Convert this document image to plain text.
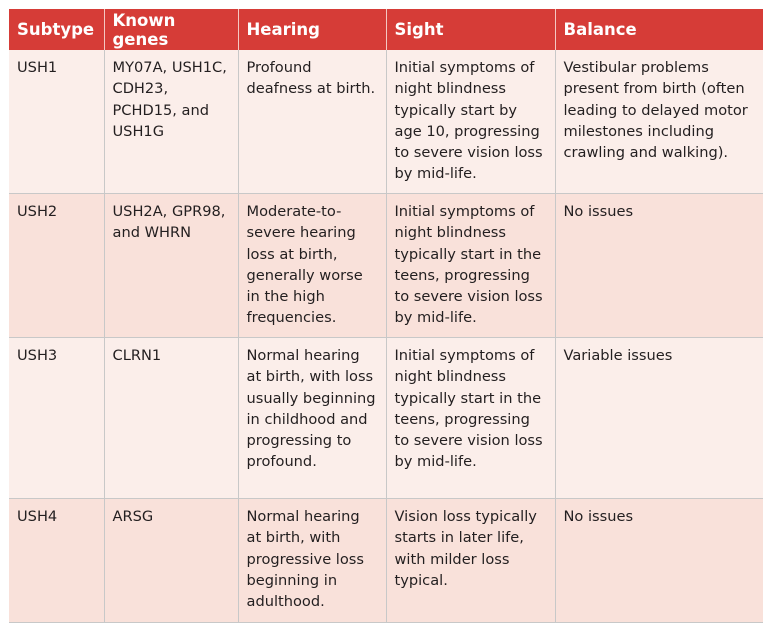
Subtype	Known genes	Hearing	Sight	Balance
USH1	MY07A, USH1C, CDH23, PCHD15, and USH1G	Profound deafness at birth.	Initial symptoms of night blindness typically start by age 10, progressing to severe vision loss by mid-life.	Vestibular problems present from birth (often leading to delayed motor milestones including crawling and walking).
USH2	USH2A, GPR98, and WHRN	Moderate-to-severe hearing loss at birth, generally worse in the high frequencies.	Initial symptoms of night blindness typically start in the teens, progressing to severe vision loss by mid-life.	No issues
USH3	CLRN1	Normal hearing at birth, with loss usually beginning in childhood and progressing to profound.	Initial symptoms of night blindness typically start in the teens, progressing to severe vision loss by mid-life.	Variable issues
USH4	ARSG	Normal hearing at birth, with progressive loss beginning in adulthood.	Vision loss typically starts in later life, with milder loss typical.	No issues
